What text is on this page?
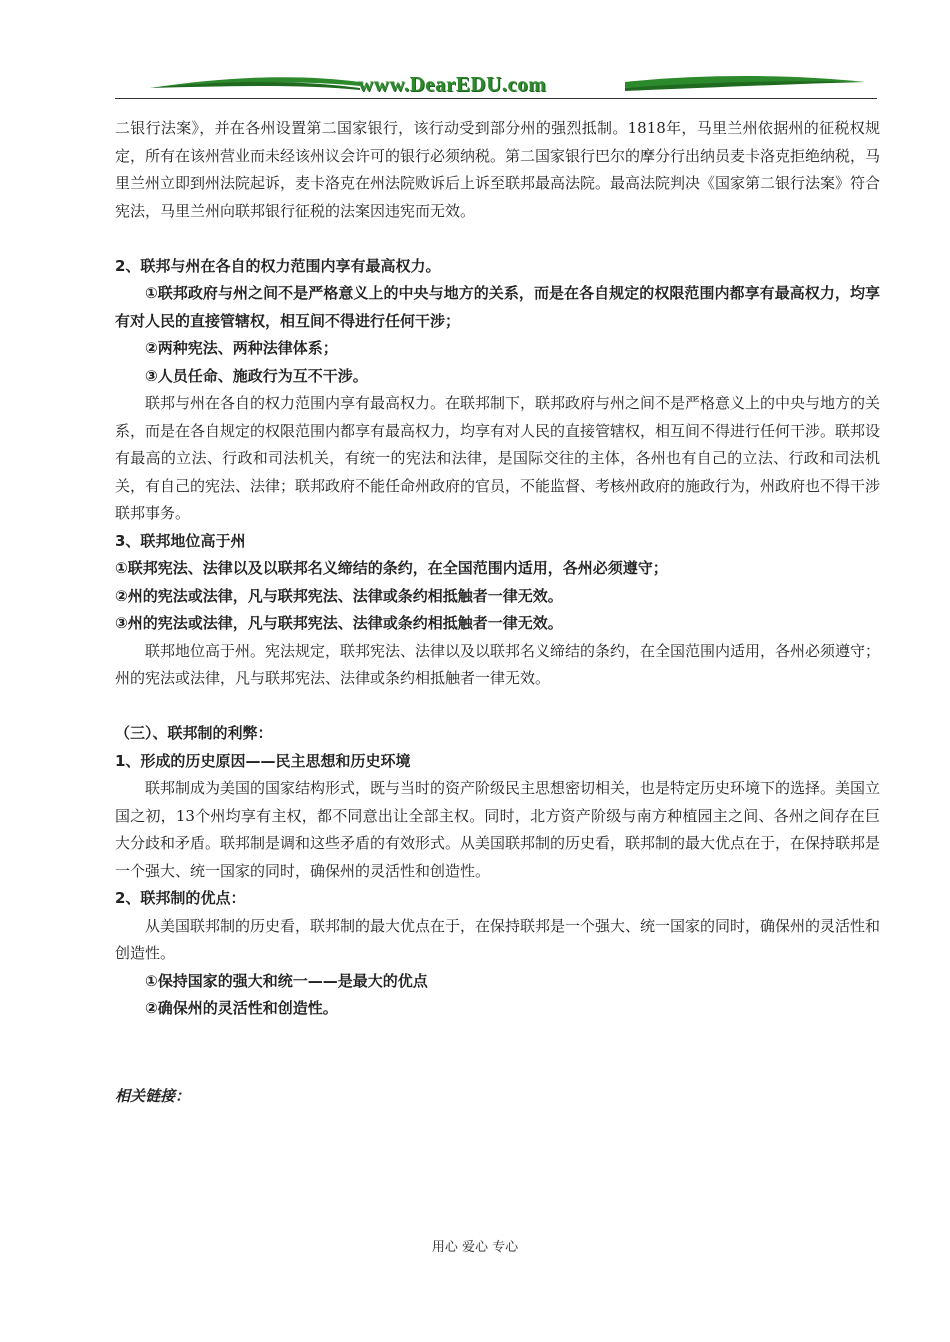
www.DearEDU.com

二银行法案》，并在各州设置第二国家银行，该行动受到部分州的强烈抵制。1818年，马里兰州依据州的征税权规定，所有在该州营业而未经该州议会许可的银行必须纳税。第二国家银行巴尔的摩分行出纳员麦卡洛克拒绝纳税，马里兰州立即到州法院起诉，麦卡洛克在州法院败诉后上诉至联邦最高法院。最高法院判决《国家第二银行法案》符合宪法，马里兰州向联邦银行征税的法案因违宪而无效。

2、联邦与州在各自的权力范围内享有最高权力。

①联邦政府与州之间不是严格意义上的中央与地方的关系，而是在各自规定的权限范围内都享有最高权力，均享有对人民的直接管辖权，相互间不得进行任何干涉；

②两种宪法、两种法律体系；

③人员任命、施政行为互不干涉。

联邦与州在各自的权力范围内享有最高权力。在联邦制下，联邦政府与州之间不是严格意义上的中央与地方的关系，而是在各自规定的权限范围内都享有最高权力，均享有对人民的直接管辖权，相互间不得进行任何干涉。联邦设有最高的立法、行政和司法机关，有统一的宪法和法律，是国际交往的主体，各州也有自己的立法、行政和司法机关，有自己的宪法、法律；联邦政府不能任命州政府的官员，不能监督、考核州政府的施政行为，州政府也不得干涉联邦事务。

3、联邦地位高于州

①联邦宪法、法律以及以联邦名义缔结的条约，在全国范围内适用，各州必须遵守；

②州的宪法或法律，凡与联邦宪法、法律或条约相抵触者一律无效。

③州的宪法或法律，凡与联邦宪法、法律或条约相抵触者一律无效。

联邦地位高于州。宪法规定，联邦宪法、法律以及以联邦名义缔结的条约，在全国范围内适用，各州必须遵守；州的宪法或法律，凡与联邦宪法、法律或条约相抵触者一律无效。

（三）、联邦制的利弊：

1、形成的历史原因——民主思想和历史环境

联邦制成为美国的国家结构形式，既与当时的资产阶级民主思想密切相关，也是特定历史环境下的选择。美国立国之初，13个州均享有主权，都不同意出让全部主权。同时，北方资产阶级与南方种植园主之间、各州之间存在巨大分歧和矛盾。联邦制是调和这些矛盾的有效形式。从美国联邦制的历史看，联邦制的最大优点在于，在保持联邦是一个强大、统一国家的同时，确保州的灵活性和创造性。

2、联邦制的优点：

从美国联邦制的历史看，联邦制的最大优点在于，在保持联邦是一个强大、统一国家的同时，确保州的灵活性和创造性。

①保持国家的强大和统一——是最大的优点

②确保州的灵活性和创造性。

相关链接：

用心 爱心 专心
